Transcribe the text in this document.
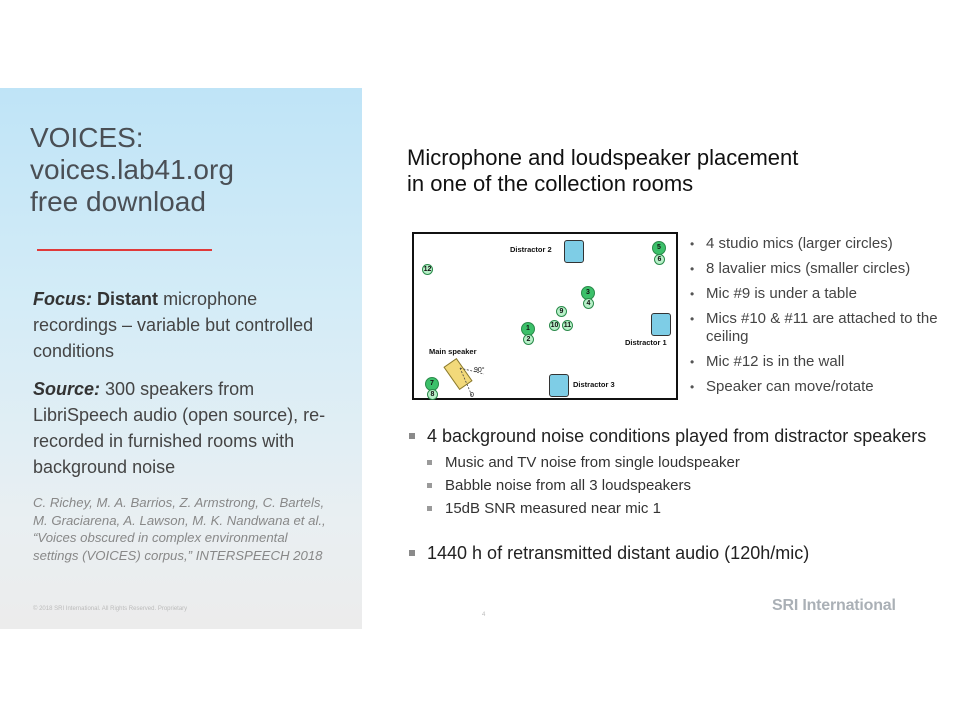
VOICES:
voices.lab41.org
free download
Focus: Distant microphone recordings – variable but controlled conditions
Source: 300 speakers from LibriSpeech audio (open source), re-recorded in furnished rooms with background noise
C. Richey, M. A. Barrios, Z. Armstrong, C. Bartels, M. Graciarena, A. Lawson, M. K. Nandwana et al., “Voices obscured in complex environmental settings (VOICES) corpus,” INTERSPEECH 2018
© 2018 SRI International. All Rights Reserved. Proprietary
Microphone and loudspeaker placement
in one of the collection rooms
Distractor 2
Distractor 1
Distractor 3
Main speaker
90°
0
12
5
6
3
4
9
10 11
1
2
7
8
• 4 studio mics (larger circles)
• 8 lavalier mics (smaller circles)
• Mic #9 is under a table
• Mics #10 & #11 are attached to the ceiling
• Mic #12 is in the wall
• Speaker can move/rotate
4 background noise conditions played from distractor speakers
Music and TV noise from single loudspeaker
Babble noise from all 3 loudspeakers
15dB SNR measured near mic 1
1440 h of retransmitted distant audio (120h/mic)
4
SRI International
